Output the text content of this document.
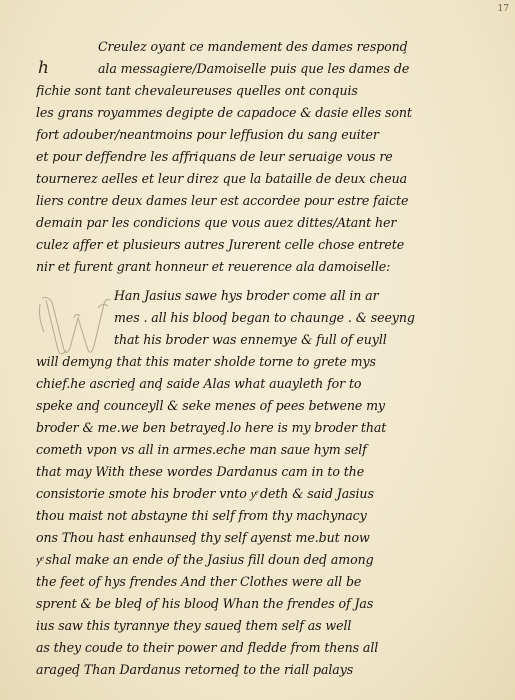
17
h
Creulez oyant ce mandement des dames responḑ
ala messagiere/Damoiselle puis que les dames de
fichie sont tant chevaleureuses quelles ont conquis
les grans royammes degipte de capadoce & dasie elles sont
fort adouber/neantmoins pour leffusion du sang euiter
et pour deffendre les affriquans de leur seruaige vous re
tournerez aelles et leur direz que la bataille de deux cheua
liers contre deux dames leur est accordee pour estre faicte
demain par les condicions que vous auez dittes/Atant her
culez affer et plusieurs autres Jurerent celle chose entrete
nir et furent grant honneur et reuerence ala damoiselle:
Han Jasius sawe hys broder come all in ar
mes . all his blooḑ began to chaunge . & seeyng
that his broder was ennemye & full of euyll
will demyng that this mater sholde torne to grete mys
chief.he ascrieḑ anḑ saide Alas what auayleth for to
speke anḑ counceyll & seke menes of pees betwene my
broder & me.we ben betrayeḑ.lo here is my broder that
cometh vpon vs all in armes.eche man saue hym self
that may With these wordes Dardanus cam in to the
consistorie smote his broder vnto yͤ deth & said Jasius
thou maist not abstayne thi self from thy machynacy
ons Thou hast enhaunseḑ thy self ayenst me.but now
yͤ shal make an ende of the Jasius fill doun deḑ among
the feet of hys frendes And ther Clothes were all be
sprent & be bleḑ of his blooḑ Whan the frendes of Jas
ius saw this tyrannye they saueḑ them self as well
as they coude to their power and fledde from thens all
arageḑ Than Dardanus retorneḑ to the riall palays
